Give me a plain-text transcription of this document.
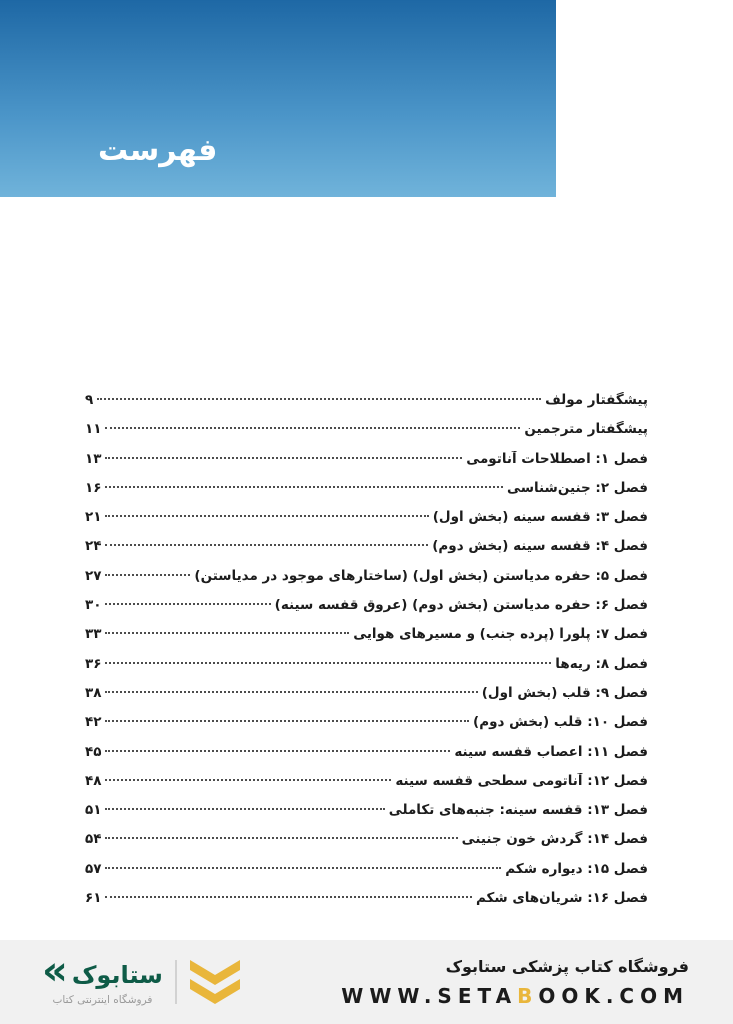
فهرست
پیشگفتار مولف
۹
پیشگفتار مترجمین
۱۱
فصل ۱: اصطلاحات آناتومی
۱۳
فصل ۲: جنین‌شناسی
۱۶
فصل ۳: قفسه سینه (بخش اول)
۲۱
فصل ۴: قفسه سینه (بخش دوم)
۲۴
فصل ۵: حفره مدیاستن (بخش اول) (ساختارهای موجود در مدیاستن)
۲۷
فصل ۶: حفره مدیاستن (بخش دوم) (عروق قفسه سینه)
۳۰
فصل ۷: پلورا (پرده جنب) و مسیرهای هوایی
۳۳
فصل ۸: ریه‌ها
۳۶
فصل ۹: قلب (بخش اول)
۳۸
فصل ۱۰: قلب (بخش دوم)
۴۲
فصل ۱۱: اعصاب قفسه سینه
۴۵
فصل ۱۲: آناتومی سطحی قفسه سینه
۴۸
فصل ۱۳: قفسه سینه: جنبه‌های تکاملی
۵۱
فصل ۱۴: گردش خون جنینی
۵۴
فصل ۱۵: دیواره شکم
۵۷
فصل ۱۶: شریان‌های شکم
۶۱
« ستابوک
فروشگاه اینترنتی کتاب
فروشگاه کتاب پزشکی ستابوک
WWW.SETABOOK.COM
